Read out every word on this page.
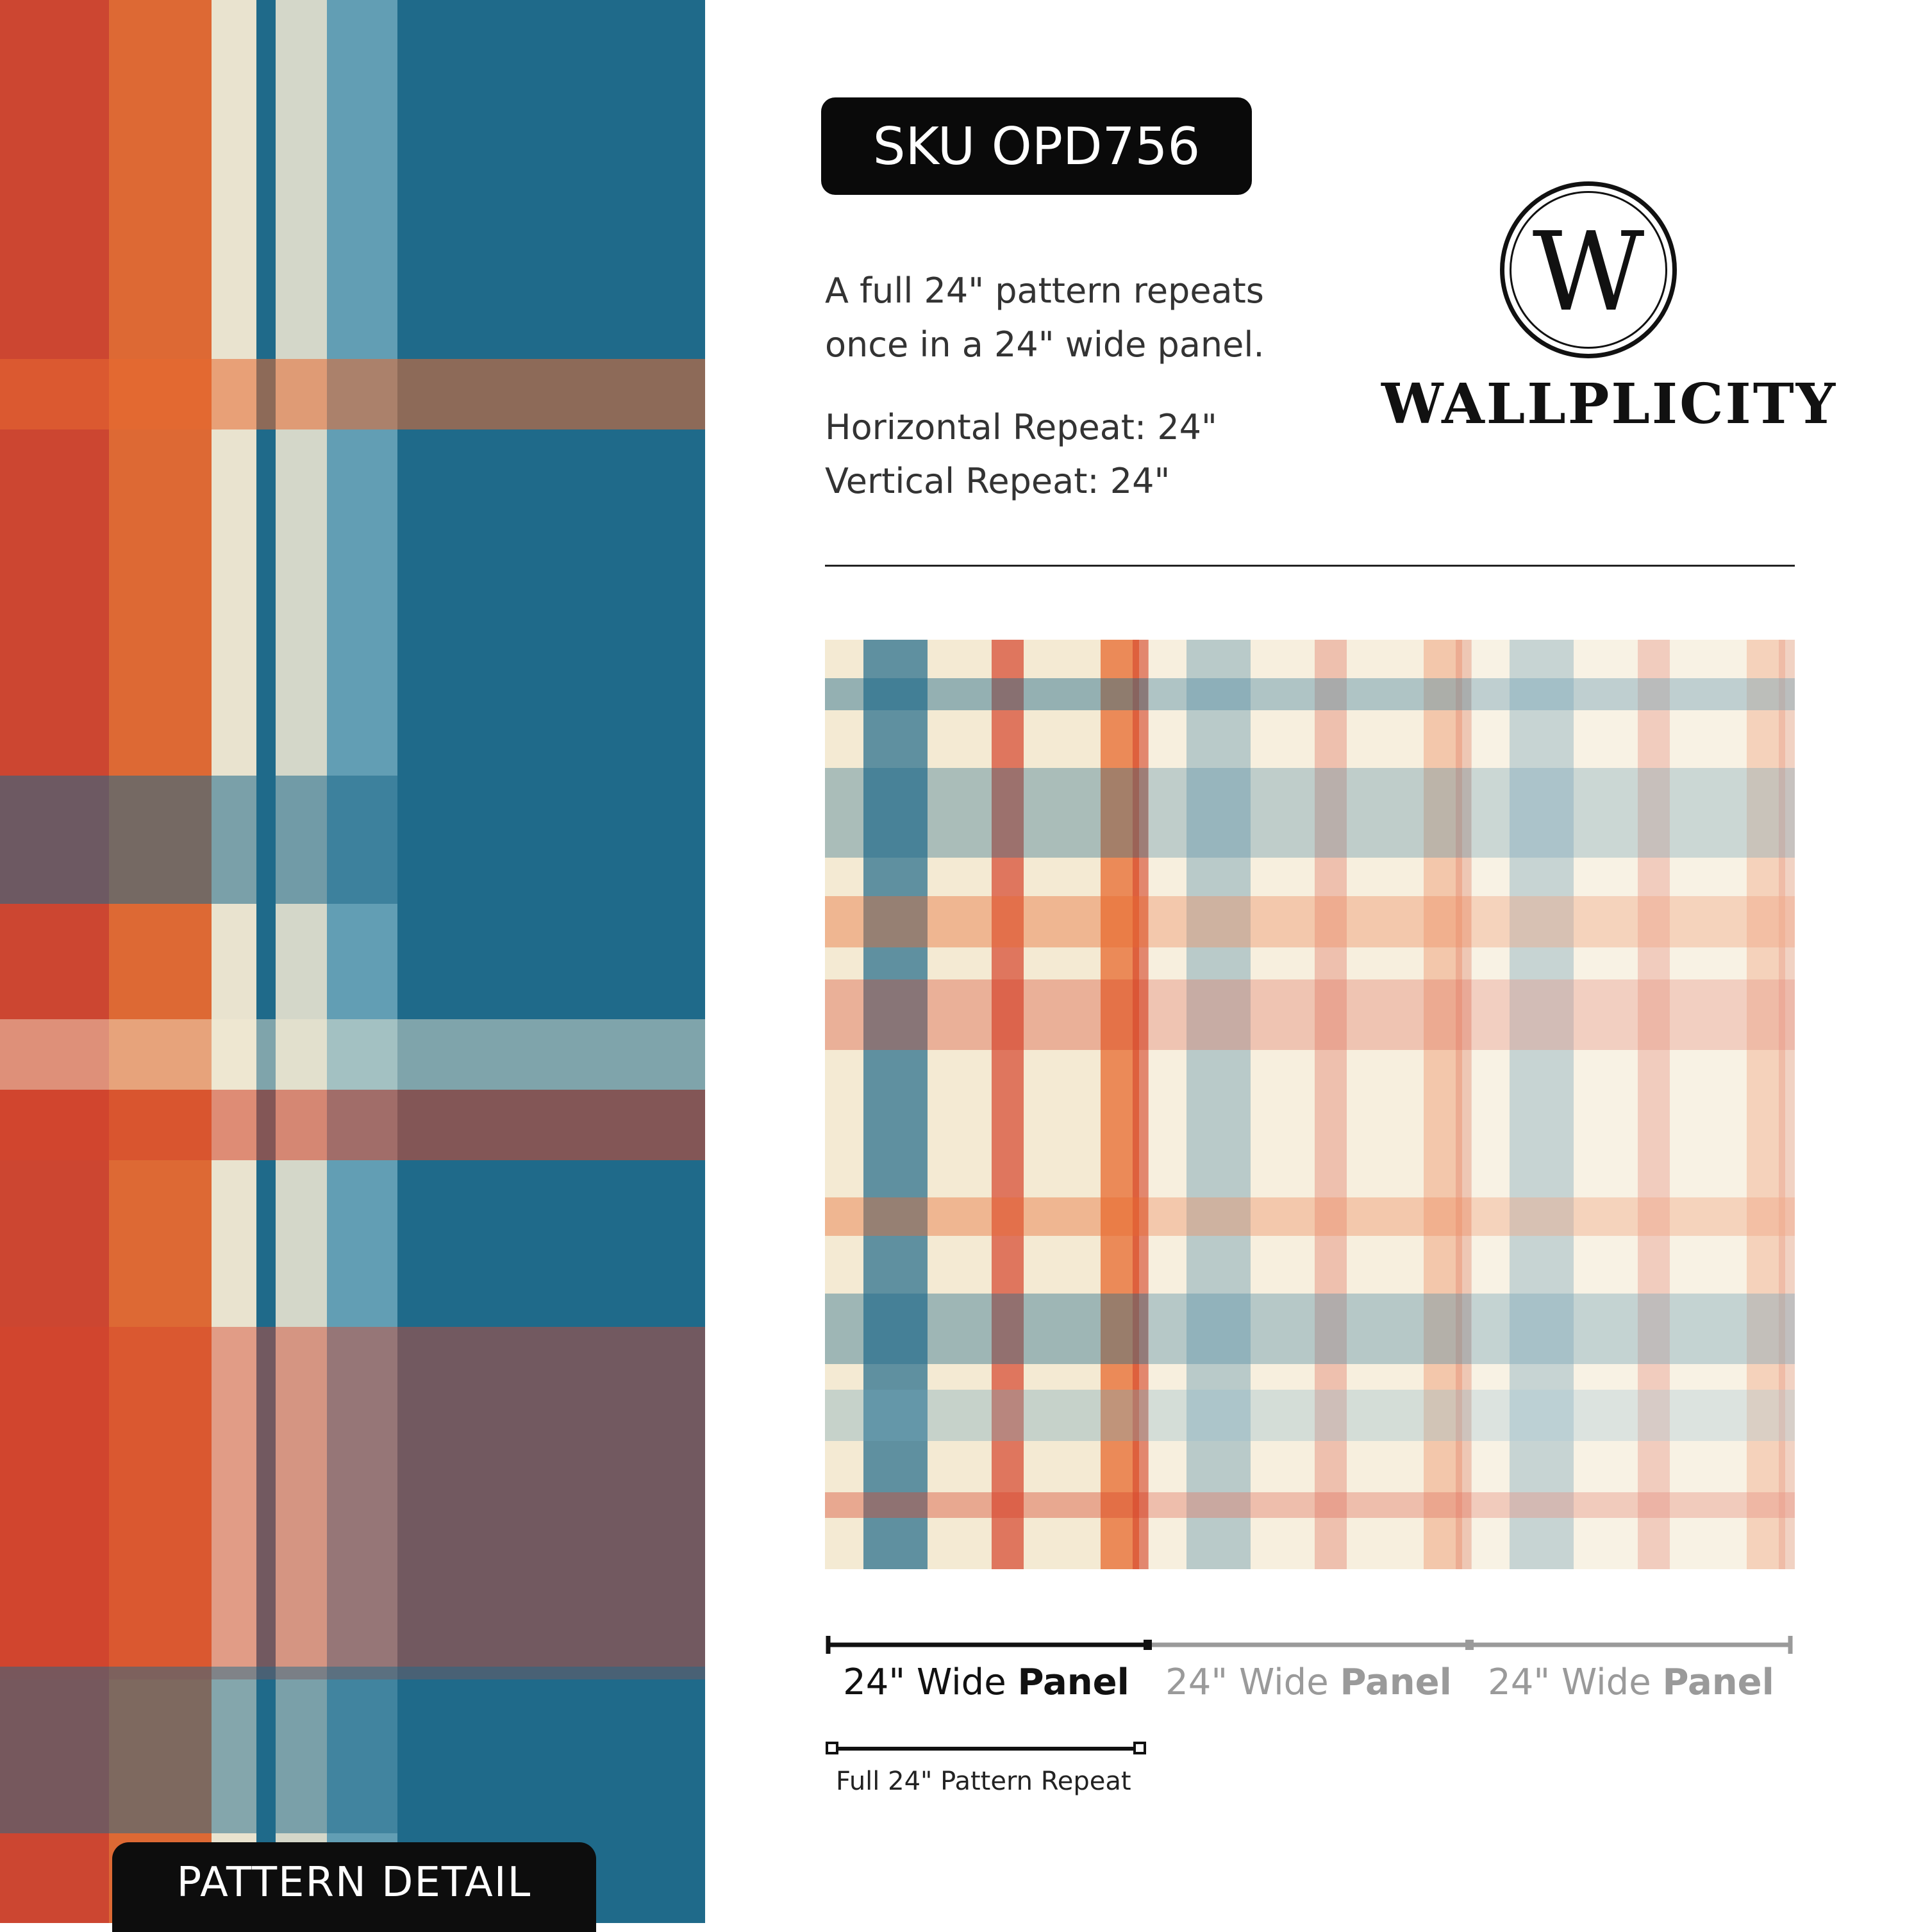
PATTERN DETAIL
SKU OPD756
A full 24" pattern repeats
once in a 24" wide panel.
Horizontal Repeat: 24"
Vertical Repeat: 24"
W
WALLPLICITY
24" Wide Panel	24" Wide Panel	24" Wide Panel
Full 24" Pattern Repeat
